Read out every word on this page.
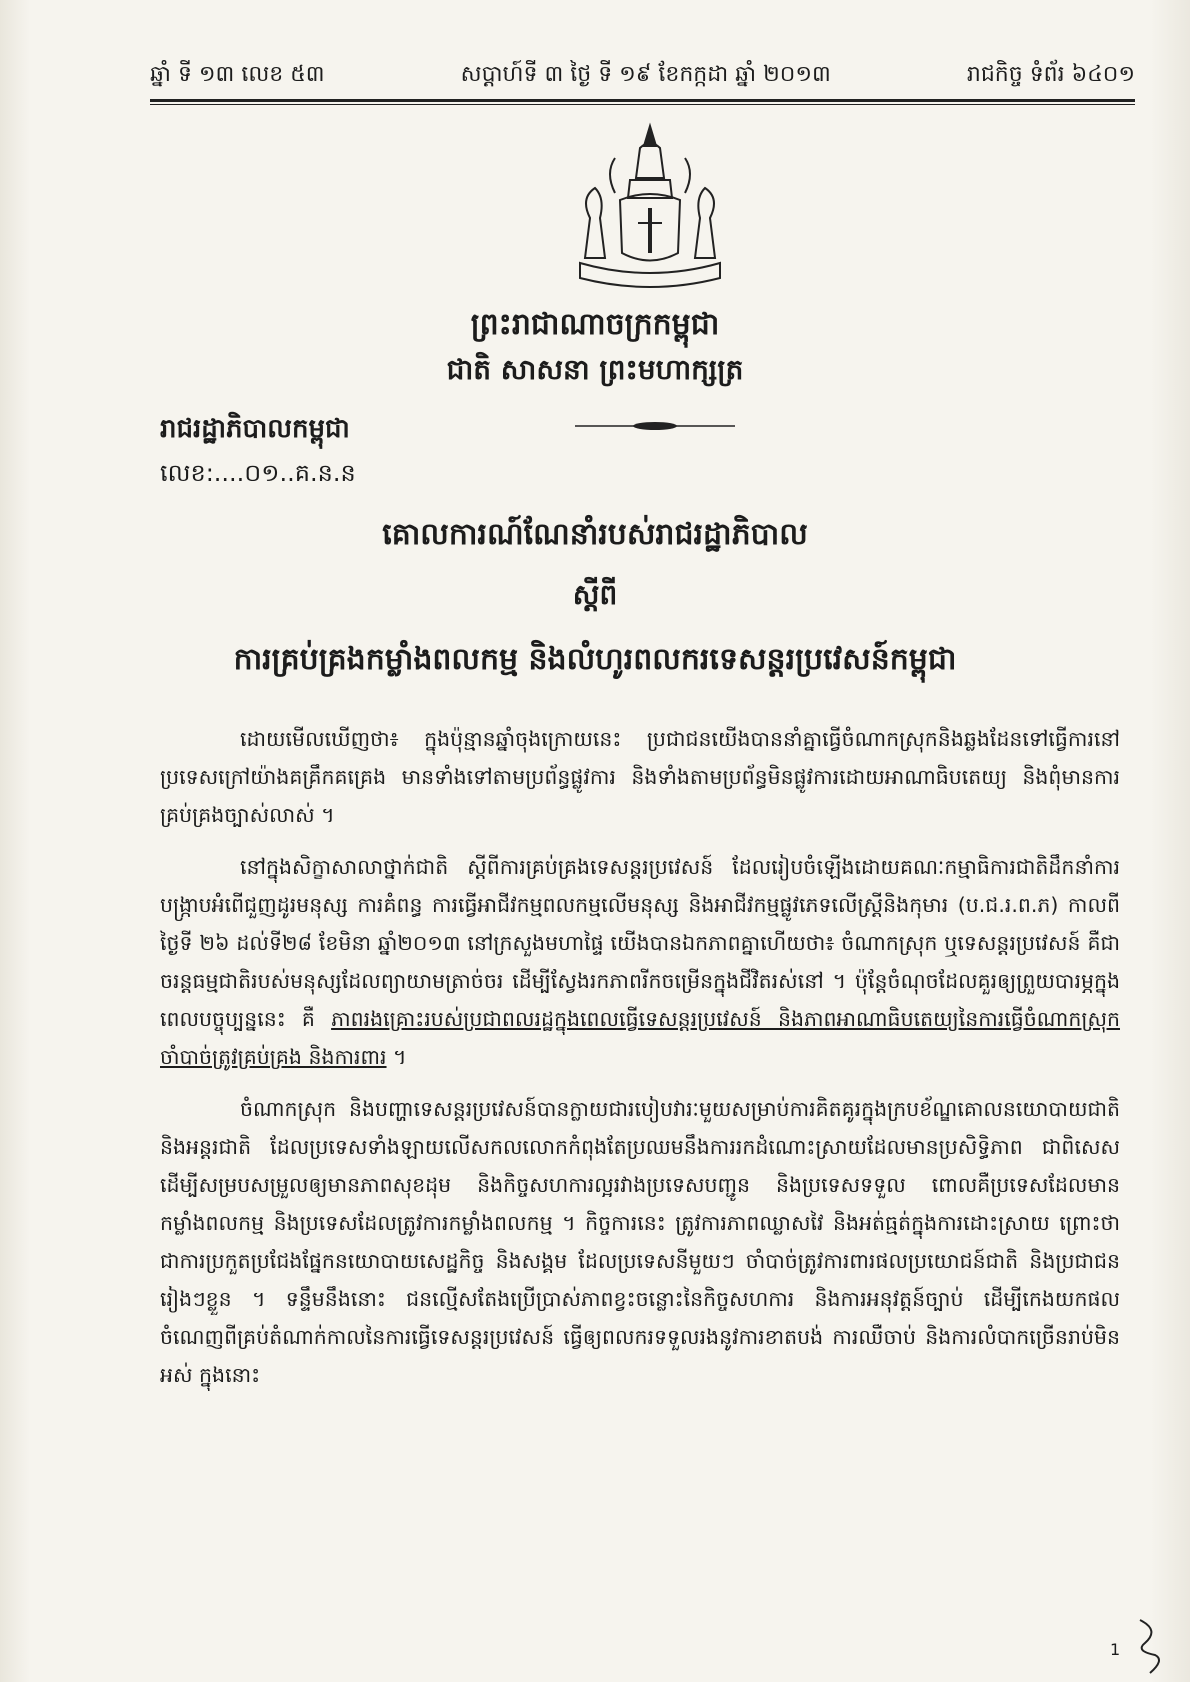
ឆ្នាំ ទី ១៣ លេខ ៥៣	សប្តាហ៍ទី ៣ ថ្ងៃ ទី ១៩ ខែកក្កដា ឆ្នាំ ២០១៣	រាជកិច្ច ទំព័រ ៦៤០១
ព្រះរាជាណាចក្រកម្ពុជា
ជាតិ សាសនា ព្រះមហាក្សត្រ
រាជរដ្ឋាភិបាលកម្ពុជា
លេខ:....០១..គ.ន.ន
គោលការណ៍ណែនាំរបស់រាជរដ្ឋាភិបាល
ស្តីពី
ការគ្រប់គ្រងកម្លាំងពលកម្ម និងលំហូរពលករទេសន្តរប្រវេសន៍កម្ពុជា

ដោយមើលឃើញថា៖ ក្នុងប៉ុន្មានឆ្នាំចុងក្រោយនេះ ប្រជាជនយើងបាននាំគ្នាធ្វើចំណាកស្រុកនិងឆ្លងដែនទៅធ្វើការនៅប្រទេសក្រៅយ៉ាងគគ្រឹកគគ្រេង មានទាំងទៅតាមប្រព័ន្ធផ្លូវការ និងទាំងតាមប្រព័ន្ធមិនផ្លូវការដោយអាណាធិបតេយ្យ និងពុំមានការគ្រប់គ្រងច្បាស់លាស់ ។

នៅក្នុងសិក្ខាសាលាថ្នាក់ជាតិ ស្តីពីការគ្រប់គ្រងទេសន្តរប្រវេសន៍ ដែលរៀបចំឡើងដោយគណៈកម្មាធិការជាតិដឹកនាំការបង្ក្រាបអំពើជួញដូរមនុស្ស ការគំពន្ធ ការធ្វើអាជីវកម្មពលកម្មលើមនុស្ស និងអាជីវកម្មផ្លូវភេទលើស្ត្រីនិងកុមារ (ប.ជ.រ.ព.ភ) កាលពីថ្ងៃទី ២៦ ដល់ទី២៨ ខែមិនា ឆ្នាំ២០១៣ នៅក្រសួងមហាផ្ទៃ យើងបានឯកភាពគ្នាហើយថា៖ ចំណាកស្រុក ឬទេសន្តរប្រវេសន៍ គឺជាចរន្តធម្មជាតិរបស់មនុស្សដែលព្យាយាមត្រាច់ចរ ដើម្បីស្វែងរកភាពរីកចម្រើនក្នុងជីវិតរស់នៅ ។ ប៉ុន្តែចំណុចដែលគួរឲ្យព្រួយបារម្ភក្នុងពេលបច្ចុប្បន្ននេះ គឺ ភាពរងគ្រោះរបស់ប្រជាពលរដ្ឋក្នុងពេលធ្វើទេសន្តរប្រវេសន៍ និងភាពអាណាធិបតេយ្យនៃការធ្វើចំណាកស្រុក ចាំបាច់ត្រូវគ្រប់គ្រង និងការពារ ។

ចំណាកស្រុក និងបញ្ហាទេសន្តរប្រវេសន៍បានក្លាយជារបៀបវារៈមួយសម្រាប់ការគិតគូរក្នុងក្របខ័ណ្ឌគោលនយោបាយជាតិ និងអន្តរជាតិ ដែលប្រទេសទាំងឡាយលើសកលលោកកំពុងតែប្រឈមនឹងការរកដំណោះស្រាយដែលមានប្រសិទ្ធិភាព ជាពិសេសដើម្បីសម្របសម្រួលឲ្យមានភាពសុខដុម និងកិច្ចសហការល្អរវាងប្រទេសបញ្ជូន និងប្រទេសទទួល ពោលគឺប្រទេសដែលមានកម្លាំងពលកម្ម និងប្រទេសដែលត្រូវការកម្លាំងពលកម្ម ។ កិច្ចការនេះ ត្រូវការភាពឈ្លាសវៃ និងអត់ធ្មត់ក្នុងការដោះស្រាយ ព្រោះថា ជាការប្រកួតប្រជែងផ្នែកនយោបាយសេដ្ឋកិច្ច និងសង្គម ដែលប្រទេសនីមួយៗ ចាំបាច់ត្រូវការពារផលប្រយោជន៍ជាតិ និងប្រជាជនរៀងៗខ្លួន ។ ទន្ទឹមនឹងនោះ ជនល្មើសតែងប្រើប្រាស់ភាពខ្វះចន្លោះនៃកិច្ចសហការ និងការអនុវត្តន៍ច្បាប់ ដើម្បីកេងយកផលចំណេញពីគ្រប់តំណាក់កាលនៃការធ្វើទេសន្តរប្រវេសន៍ ធ្វើឲ្យពលករទទួលរងនូវការខាតបង់ ការឈឺចាប់ និងការលំបាកច្រើនរាប់មិនអស់ ក្នុងនោះ

1
